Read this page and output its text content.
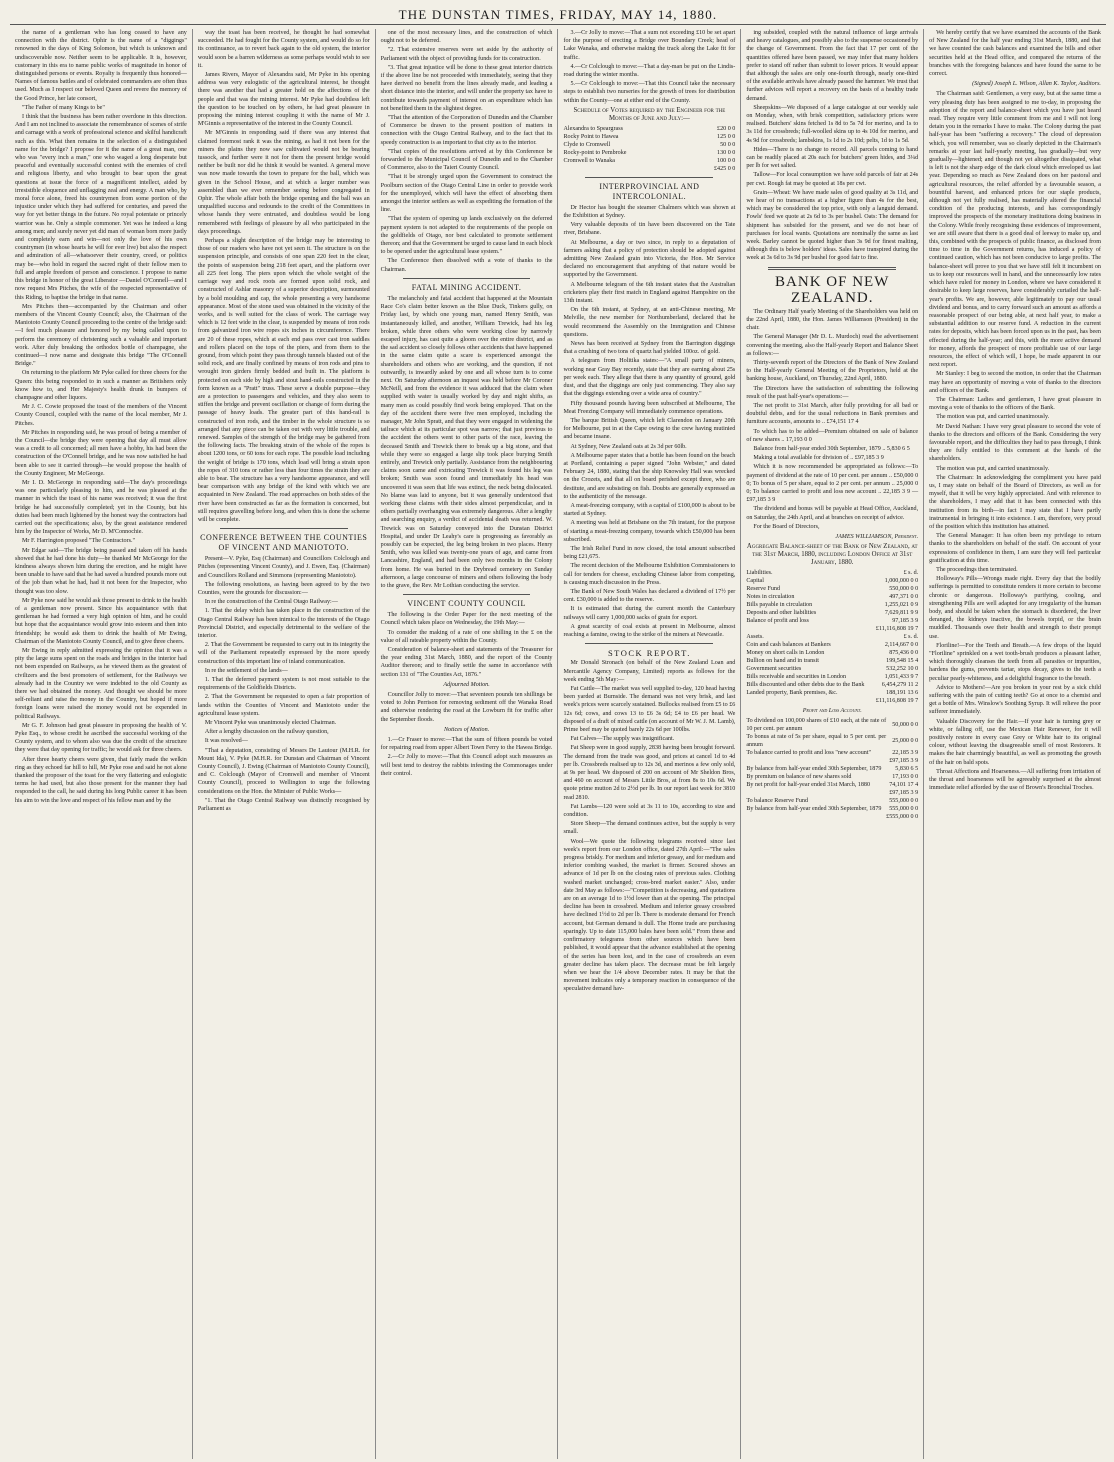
THE DUNSTAN TIMES, FRIDAY, MAY 14, 1880.

the name of a gentleman who has long ceased to have any connection with the district. Ophir is the name of a "diggings" renowned in the days of King Solomon, but which is unknown and undiscoverable now. Neither seem to be applicable. It is, however, customary in this era to name public works of magnitude in honor of distinguished persons or events. Royalty is frequently thus honored—Names of famous battles and of celebrated commanders are often thus used. Much as I respect our beloved Queen and revere the memory of the Good Prince, her late consort,

"The Father of many Kings to be"

I think that the business has been rather overdone in this direction. And I am not inclined to associate the remembrance of scenes of strife and carnage with a work of professional science and skilful handicraft such as this. What then remains in the selection of a distinguished name for the bridge? I propose for it the name of a great man, one who was "every inch a man," one who waged a long desperate but peaceful and eventually successful contest with the enemies of civil and religious liberty, and who brought to bear upon the great questions at issue the force of a magnificent intellect, aided by irresistible eloquence and unflagging zeal and energy. A man who, by moral force alone, freed his countrymen from some portion of the injustice under which they had suffered for centuries, and paved the way for yet better things in the future. No royal potentate or princely warrior was he. Only a simple commoner. Yet was he indeed a king among men; and surely never yet did man of woman born more justly and completely earn and win—not only the love of his own countrymen (in whose hearts he will for ever live) but also the respect and admiration of all—whatsoever their country, creed, or politics may be—who hold in regard the sacred right of their fellow men to full and ample freedom of person and conscience. I propose to name this bridge in honor of the great Liberator —Daniel O'Connell—and I now request Mrs Pitches, the wife of the respected representative of this Riding, to baptise the bridge in that name.

Mrs Pitches then—accompanied by the Chairman and other members of the Vincent County Council; also, the Chairman of the Maniototo County Council proceeding to the centre of the bridge said:—I feel much pleasure and honored by my being called upon to perform the ceremony of christening such a valuable and important work. After duly breaking the orthodox bottle of champagne, she continued—I now name and designate this bridge "The O'Connell Bridge."

On returning to the platform Mr Pyke called for three cheers for the Queen: this being responded to in such a manner as Britishers only know how to, and Her Majesty's health drunk in bumpers of champagne and other liquors.

Mr J. C. Cowie proposed the toast of the members of the Vincent County Council, coupled with the name of the local member, Mr J. Pitches.

Mr Pitches in responding said, he was proud of being a member of the Council—the bridge they were opening that day all must allow was a credit to all concerned; all men have a hobby, his had been the construction of the O'Connell bridge, and he was now satisfied he had been able to see it carried through—he would propose the health of the County Engineer, Mr McGeorge.

Mr I. D. McGeorge in responding said—The day's proceedings was one particularly pleasing to him, and he was pleased at the manner in which the toast of his name was received; it was the first bridge he had successfully completed; yet in the County, but his duties had been much lightened by the honest way the contractors had carried out the specifications; also, by the great assistance rendered him by the Inspector of Works, Mr D. M'Connochie.

Mr F. Harrington proposed "The Contractors."

Mr Edgar said—The bridge being passed and taken off his hands showed that he had done his duty—he thanked Mr McGeorge for the kindness always shown him during the erection, and he might have been unable to have said that he had saved a hundred pounds more out of the job than what he had, had it not been for the Inspector, who thought was too slow.

Mr Pyke now said he would ask those present to drink to the health of a gentleman now present. Since his acquaintance with that gentleman he had formed a very high opinion of him, and he could but hope that the acquaintance would grow into esteem and then into friendship; he would ask them to drink the health of Mr Ewing, Chairman of the Maniototo County Council, and to give three cheers.

Mr Ewing in reply admitted expressing the opinion that it was a pity the large sums spent on the roads and bridges in the interior had not been expended on Railways, as he viewed them as the greatest of civilizers and the best promoters of settlement, for the Railways we already had in the Country we were indebted to the old County as there we had obtained the money. And thought we should be more self-reliant and raise the money in the Country, but hoped if more foreign loans were raised the money would not be expended in political Railways.

Mr G. F. Johnson had great pleasure in proposing the health of V. Pyke Esq., to whose credit he ascribed the successful working of the County system, and to whom also was due the credit of the structure they were that day opening for traffic; he would ask for three cheers.

After three hearty cheers were given, that fairly made the welkin ring as they echoed far hill to hill, Mr Pyke rose and said he not alone thanked the proposer of the toast for the very flattering and eulogistic terms he had used, but also those present for the manner they had responded to the call, he said during his long Public career it has been his aim to win the love and respect of his fellow man and by the

way the toast has been received, he thought he had somewhat succeeded. He had fought for the County system, and would do so for its continuance, as to revert back again to the old system, the interior would soon be a barren wilderness as some perhaps would wish to see it.

James Rivers, Mayor of Alexandra said, Mr Pyke in his opening address was very eulogistic of the agricultural interest, he thought there was another that had a greater hold on the affections of the people and that was the mining interest. Mr Pyke had doubtless left the question to be touched on by others, he had great pleasure in proposing the mining interest coupling it with the name of Mr J. M'Ginnis a representative of the interest in the County Council.

Mr M'Ginnis in responding said if there was any interest that claimed foremost rank it was the mining, as had it not been for the miners the plains they now saw cultivated would not be bearing tussock, and further were it not for them the present bridge would neither be built nor did he think it would be wanted. A general move was now made towards the town to prepare for the ball, which was given in the School House, and at which a larger number was assembled than we ever remember seeing before congregated in Ophir. The whole affair both the bridge opening and the ball was an unqualified success and redounds to the credit of the Committees in whose hands they were entrusted, and doubtless would be long remembered with feelings of pleasure by all who participated in the days proceedings.

Perhaps a slight description of the bridge may be interesting to those of our readers who have not yet seen it. The structure is on the suspension principle, and consists of one span 220 feet in the clear, the points of suspension being 218 feet apart, and the platform over all 225 feet long. The piers upon which the whole weight of the carriage way and rock roots are formed upon solid rock, and constructed of Ashlar masonry of a superior description, surmounted by a bold moulding and cap, the whole presenting a very handsome appearance. Most of the stone used was obtained in the vicinity of the works, and is well suited for the class of work. The carriage way which is 12 feet wide in the clear, is suspended by means of iron rods from galvanized iron wire ropes six inches in circumference. There are 20 of these ropes, which at each end pass over cast iron saddles and rollers placed on the tops of the piers, and from them to the ground, from which point they pass through tunnels blasted out of the solid rock, and are finally confined by means of iron rods and pins to wrought iron girders firmly bedded and built in. The platform is protected on each side by high and stout hand-rails constructed in the form known as a "Pratt" truss. These serve a double purpose—they are a protection to passengers and vehicles, and they also seem to stiffen the bridge and prevent oscillation or change of form during the passage of heavy loads. The greater part of this hand-rail is constructed of iron rods, and the timber in the whole structure is so arranged that any piece can be taken out with very little trouble, and renewed. Samples of the strength of the bridge may be gathered from the following facts. The breaking strain of the whole of the ropes is about 1200 tons, or 60 tons for each rope. The possible load including the weight of bridge is 170 tons, which load will bring a strain upon the ropes of 310 tons or rather less than four times the strain they are able to bear. The structure has a very handsome appearance, and will bear comparison with any bridge of the kind with which we are acquainted in New Zealand. The road approaches on both sides of the river have been constructed as far as the formation is concerned, but still requires gravelling before long, and when this is done the scheme will be complete.

CONFERENCE BETWEEN THE COUNTIES OF VINCENT AND MANIOTOTO.

Present—V. Pyke, Esq (Chairman) and Councillors Colclough and Pitches (representing Vincent County), and J. Ewen, Esq. (Chairman) and Councillors Rolland and Simmons (representing Maniototo).

The following resolutions, as having been agreed to by the two Counties, were the grounds for discussion:—

In re the construction of the Central Otago Railway:—

1. That the delay which has taken place in the construction of the Otago Central Railway has been inimical to the interests of the Otago Provincial District, and especially detrimental to the welfare of the interior.

2. That the Government be requested to carry out in its integrity the will of the Parliament repeatedly expressed by the more speedy construction of this important line of inland communication.

In re the settlement of the lands—

1. That the deferred payment system is not most suitable to the requirements of the Goldfields Districts.

2. That the Government be requested to open a fair proportion of lands within the Counties of Vincent and Maniototo under the agricultural lease system.

Mr Vincent Pyke was unanimously elected Chairman.

After a lengthy discussion on the railway question,

It was resolved—

"That a deputation, consisting of Messrs De Lautour (M.H.R. for Mount Ida), V. Pyke (M.H.R. for Dunstan and Chairman of Vincent County Council), J. Ewing (Chairman of Maniototo County Council), and C. Colclough (Mayor of Cromwell and member of Vincent County Council), proceed to Wellington to urge the following considerations on the Hon. the Minister of Public Works—

"1. That the Otago Central Railway was distinctly recognised by Parliament as

one of the most necessary lines, and the construction of which ought not to be deferred.

"2. That extensive reserves were set aside by the authority of Parliament with the object of providing funds for its construction.

"3. That great injustice will be done to these great interior districts if the above line be not proceeded with immediately, seeing that they have derived no benefit from the lines already made, and leading a short distance into the interior, and will under the property tax have to contribute towards payment of interest on an expenditure which has not benefited them in the slightest degree.

"That the attention of the Corporation of Dunedin and the Chamber of Commerce be drawn to the present position of matters in connection with the Otago Central Railway, and to the fact that its speedy construction is as important to that city as to the interior.

"That copies of the resolutions arrived at by this Conference be forwarded to the Municipal Council of Dunedin and to the Chamber of Commerce, also to the Taieri County Council.

"That it be strongly urged upon the Government to construct the Poolburn section of the Otago Central Line in order to provide work for the unemployed, which will have the effect of absorbing them amongst the interior settlers as well as expediting the formation of the line.

"That the system of opening up lands exclusively on the deferred payment system is not adapted to the requirements of the people on the goldfields of Otago, nor best calculated to promote settlement thereon; and that the Government be urged to cause land in each block to be opened under the agricultural lease system."

The Conference then dissolved with a vote of thanks to the Chairman.

FATAL MINING ACCIDENT.

The melancholy and fatal accident that happened at the Mountain Race Co's claim better known as the Blue Duck, Tinkers gully, on Friday last, by which one young man, named Henry Smith, was instantaneously killed, and another, William Trewick, had his leg broken, while three others who were working close by narrowly escaped injury, has cast quite a gloom over the entire district, and as the sad accident so closely follows other accidents that have happened in the same claim quite a scare is experienced amongst the shareholders and others who are working, and the question, if not outwardly, is inwardly asked by one and all whose turn is to come next. On Saturday afternoon an inquest was held before Mr Coroner McNeill, and from the evidence it was adduced that the claim when supplied with water is usually worked by day and night shifts, as many men as could possibly find work being employed. That on the day of the accident there were five men employed, including the manager, Mr John Spratt, and that they were engaged in widening the tailrace which at its particular spot was narrow; that just previous to the accident the others went to other parts of the race, leaving the deceased Smith and Trewick there to break up a big stone, and that while they were so engaged a large slip took place burying Smith entirely, and Trewick only partially. Assistance from the neighbouring claims soon came and extricating Trewick it was found his leg was broken; Smith was soon found and immediately his head was uncovered it was seen that life was extinct, the neck being dislocated. No blame was laid to anyone, but it was generally understood that working these claims with their sides almost perpendicular, and in others partially overhanging was extremely dangerous. After a lengthy and searching enquiry, a verdict of accidental death was returned. W. Trewick was on Saturday conveyed into the Dunstan District Hospital, and under Dr Leahy's care is progressing as favorably as possibly can be expected, the leg being broken in two places. Henry Smith, who was killed was twenty-one years of age, and came from Lancashire, England, and had been only two months in the Colony from home. He was buried in the Drybread cemetery on Sunday afternoon, a large concourse of miners and others following the body to the grave, the Rev. Mr Lothian conducting the service.

VINCENT COUNTY COUNCIL

The following is the Order Paper for the next meeting of the Council which takes place on Wednesday, the 19th May:—

To consider the making of a rate of one shilling in the £ on the value of all rateable property within the County.

Consideration of balance-sheet and statements of the Treasurer for the year ending 31st March, 1880, and the report of the County Auditor thereon; and to finally settle the same in accordance with section 131 of "The Counties Act, 1876."

Adjourned Motion.

Councillor Jolly to move:—That seventeen pounds ten shillings be voted to John Perrison for removing sediment off the Wanaka Road and otherwise rendering the road at the Lowburn fit for traffic after the September floods.

Notices of Motion.

1.—Cr Fraser to move:—That the sum of fifteen pounds be voted for repairing road from upper Albert Town Ferry to the Hawea Bridge.

2.—Cr Jolly to move:—That this Council adopt such measures as will best tend to destroy the rabbits infesting the Commonages under their control.

3.—Cr Jolly to move:—That a sum not exceeding £10 be set apart for the purpose of erecting a Bridge over Boundary Creek; head of Lake Wanaka, and otherwise making the track along the Lake fit for traffic.

4.—Cr Colclough to move:—That a day-man be put on the Lindis-road during the winter months.

5.—Cr Colclough to move:—That this Council take the necessary steps to establish two nurseries for the growth of trees for distribution within the County—one at either end of the County.

Schedule of Votes required by the Engineer for the Months of June and July:—
Alexandra to Speargrass	£20 0 0
Rocky Point to Hawea	125 0 0
Clyde to Cromwell	50 0 0
Rocky-point to Pembroke	130 0 0
Cromwell to Wanaka	100 0 0
	£425 0 0
INTERPROVINCIAL AND INTERCOLONIAL.

Dr Hector has bought the steamer Chalmers which was shown at the Exhibition at Sydney.

Very valuable deposits of tin have been discovered on the Tate river, Brisbane.

At Melbourne, a day or two since, in reply to a deputation of farmers asking that a policy of protection should be adopted against admitting New Zealand grain into Victoria, the Hon. Mr Service declared no encouragement that anything of that nature would be supported by the Government.

A Melbourne telegram of the 6th instant states that the Australian cricketers play their first match in England against Hampshire on the 13th instant.

On the 6th instant, at Sydney, at an anti-Chinese meeting, Mr Melville, the new member for Northumberland, declared that he would recommend the Assembly on the Immigration and Chinese questions.

News has been received at Sydney from the Barrington diggings that a crushing of two tons of quartz had yielded 100oz. of gold.

A telegram from Holitika states:—"A small party of miners, working near Gray Bay recently, state that they are earning about 25s per week each. They allege that there is any quantity of ground, gold dust, and that the diggings are only just commencing. They also say that the diggings extending over a wide area of country."

Fifty thousand pounds having been subscribed at Melbourne, The Meat Freezing Company will immediately commence operations.

The barque British Queen, which left Clarendon on January 20th for Melbourne, put in at the Cape owing to the crew having mutinied and became insane.

At Sydney, New Zealand oats at 2s 3d per 60lb.

A Melbourne paper states that a bottle has been found on the beach at Portland, containing a paper signed "John Webster," and dated February 24, 1880, stating that the ship Knowsley Hall was wrecked on the Crozets, and that all on board perished except three, who are destitute, and are subsisting on fish. Doubts are generally expressed as to the authenticity of the message.

A meat-freezing company, with a capital of £100,000 is about to be started at Sydney.

A meeting was held at Brisbane on the 7th instant, for the purpose of starting a meat-freezing company, towards which £50,000 has been subscribed.

The Irish Relief Fund in now closed, the total amount subscribed being £21,675.

The recent decision of the Melbourne Exhibition Commissioners to call for tenders for cheese, excluding Chinese labor from competing, is causing much discussion in the Press.

The Bank of New South Wales has declared a dividend of 17½ per cent. £30,000 is added to the reserve.

It is estimated that during the current month the Canterbury railways will carry 1,000,000 sacks of grain for export.

A great scarcity of coal exists at present in Melbourne, almost reaching a famine, owing to the strike of the miners at Newcastle.

STOCK REPORT.

Mr Donald Stronach (on behalf of the New Zealand Loan and Mercantile Agency Company, Limited) reports as follows for the week ending 5th May:—

Fat Cattle—The market was well supplied to-day, 120 head having been yarded at Burnside. The demand was not very brisk, and last week's prices were scarcely sustained. Bullocks realised from £5 to £6 12s 6d; cows, and cows 13 to £6 3s 6d; £4 to £6 per head. We disposed of a draft of mixed cattle (on account of Mr W. J. M. Lamb), Prime beef may be quoted barely 22s 6d per 100lbs.

Fat Calves—The supply was insignificant.

Fat Sheep were in good supply, 2838 having been brought forward. The demand from the trade was good, and prices at cancel 1d to 4d per lb. Crossbreds realised up to 12s 3d, and merinos a few only sold, at 9s per head. We disposed of 200 on account of Mr Sheldon Bros, and 460 on account of Messrs Little Bros, at from 8s to 10s 6d. We quote prime mutton 2d to 2½d per lb. In our report last week for 3810 read 2810.

Fat Lambs—120 were sold at 3s 11 to 10s, according to size and condition.

Store Sheep—The demand continues active, but the supply is very small.

Wool—We quote the following telegrams received since last week's report from our London office, dated 27th April:—"The sales progress briskly. For medium and inferior greasy, and for medium and inferior combing washed, the market is firmer. Scoured shows an advance of 1d per lb on the closing rates of previous sales. Clothing washed market unchanged; cross-bred market easier." Also, under date 3rd May as follows:—"Competition is decreasing, and quotations are on an average 1d to 1½d lower than at the opening. The principal decline has been in crossbred. Medium and inferior greasy crossbred have declined 1½d to 2d per lb. There is moderate demand for French account, but German demand is dull. The Home trade are purchasing sparingly. Up to date 115,000 bales have been sold." From these and confirmatory telegrams from other sources which have been published, it would appear that the advance established at the opening of the series has been lost, and in the case of crossbreds an even greater decline has taken place. The decrease must be felt largely when we hear the 1/4 above December rates. It may be that the movement indicates only a temporary reaction in consequence of the speculative demand hav-

ing subsided, coupled with the natural influence of large arrivals and heavy catalogues, and possibly also to the suspense occasioned by the change of Government. From the fact that 17 per cent of the quantities offered have been passed, we may infer that many holders prefer to stand off rather than submit to lower prices. It would appear that although the sales are only one-fourth through, nearly one-third of the available arrivals have already passed the hammer. We trust that further advices will report a recovery on the basis of a healthy trade demand.

Sheepskins—We disposed of a large catalogue at our weekly sale on Monday, when, with brisk competition, satisfactory prices were realised. Butchers' skins fetched 1s 8d to 5s 7d for merino, and 1s to 3s 11d for crossbreds; full-woolled skins up to 4s 10d for merino, and 4s 9d for crossbreds; lambskins, 1s 1d to 2s 10d; pelts, 1d to 1s 5d.

Hides—There is no change to record. All parcels coming to hand can be readily placed at 20s each for butchers' green hides, and 3¼d per lb for wet salted.

Tallow—For local consumption we have sold parcels of fair at 24s per cwt. Rough fat may be quoted at 18s per cwt.

Grain—Wheat: We have made sales of good quality at 3s 11d, and we hear of no transactions at a higher figure than 4s for the best, which may be considered the top price, with only a languid demand. Fowls' feed we quote at 2s 6d to 3s per bushel. Oats: The demand for shipment has subsided for the present, and we do not hear of purchases for local wants. Quotations are nominally the same as last week. Barley cannot be quoted higher than 3s 9d for finest malting, although this is below holders' ideas. Sales have transpired during the week at 3s 6d to 3s 9d per bushel for good fair to fine.

BANK OF NEW ZEALAND.

The Ordinary Half yearly Meeting of the Shareholders was held on the 22nd April, 1880, the Hon. James Williamson (President) in the chair.

The General Manager (Mr D. L. Murdoch) read the advertisement convening the meeting, also the Half-yearly Report and Balance Sheet as follows:—

Thirty-seventh report of the Directors of the Bank of New Zealand to the Half-yearly General Meeting of the Proprietors, held at the banking house, Auckland, on Thursday, 22nd April, 1880.

The Directors have the satisfaction of submitting the following result of the past half-year's operations:—

The net profit to 31st March, after fully providing for all bad or doubtful debts, and for the usual reductions in Bank premises and furniture accounts, amounts to .. £74,151 17 4

To which has to be added—Premium obtained on sale of balance of new shares .. 17,193 0 0

Balance from half-year ended 30th September, 1879 .. 5,830 6 5

Making a total available for division of .. £97,185 3 9

Which it is now recommended be appropriated as follows:—To payment of dividend at the rate of 10 per cent. per annum .. £50,000 0 0; To bonus of 5 per share, equal to 2 per cent. per annum .. 25,000 0 0; To balance carried to profit and loss new account .. 22,185 3 9 — £97,185 3 9

The dividend and bonus will be payable at Head Office, Auckland, on Saturday, the 24th April, and at branches on receipt of advice.

For the Board of Directors,

JAMES WILLIAMSON, President.
Aggregate Balance-sheet of the Bank of New Zealand, at the 31st March, 1880, including London Office at 31st January, 1880.
Liabilities.	£ s. d.
Capital	1,000,000 0 0
Reserve Fund	550,000 0 0
Notes in circulation	497,371 0 0
Bills payable in circulation	1,255,021 0 9
Deposits and other liabilities	7,629,811 9 9
Balance of profit and loss	97,185 3 9
	£11,116,808 19 7
Assets.	£ s. d.
Coin and cash balances at Bankers	2,114,667 0 0
Money on short calls in London	875,436 0 0
Bullion on hand and in transit	199,548 15 4
Government securities	532,252 10 0
Bills receivable and securities in London	1,051,433 9 7
Bills discounted and other debts due to the Bank	6,454,279 11 2
Landed property, Bank premises, &c.	188,191 13 6
	£11,116,808 19 7
Profit and Loss Account.
To dividend on 100,000 shares of £10 each, at the rate of 10 per cent. per annum	50,000 0 0
To bonus at rate of 5s per share, equal to 5 per cent. per annum	25,000 0 0
To balance carried to profit and loss "new account"	22,185 3 9
	£97,185 3 9
By balance from half-year ended 30th September, 1879	5,830 6 5
By premium on balance of new shares sold	17,193 0 0
By net profit for half-year ended 31st March, 1880	74,101 17 4
	£97,185 3 9
To balance Reserve Fund	555,000 0 0
By balance from half-year ended 30th September, 1879	555,000 0 0
	£555,000 0 0

We hereby certify that we have examined the accounts of the Bank of New Zealand for the half year ending 31st March, 1880, and that we have counted the cash balances and examined the bills and other securities held at the Head office, and compared the returns of the branches with the foregoing balances and have found the same to be correct.

(Signed) Joseph L. Wilson, Allan K. Taylor, Auditors.

The Chairman said: Gentlemen, a very easy, but at the same time a very pleasing duty has been assigned to me to-day, in proposing the adoption of the report and balance-sheet which you have just heard read. They require very little comment from me and I will not long detain you in the remarks I have to make. The Colony during the past half-year has been "suffering a recovery." The cloud of depression which, you will remember, was so clearly depicted in the Chairman's remarks at your last half-yearly meeting, has gradually—but very gradually—lightened; and though not yet altogether dissipated, what is left is not the sharp edge of the dark cloud which enveloped us last year. Depending so much as New Zealand does on her pastoral and agricultural resources, the relief afforded by a favourable season, a bountiful harvest, and enhanced prices for our staple products, although not yet fully realised, has materially altered the financial condition of the producing interests, and has correspondingly improved the prospects of the monetary institutions doing business in the Colony. While freely recognising these evidences of improvement, we are still aware that there is a good deal of leeway to make up, and this, combined with the prospects of public finance, as disclosed from time to time in the Government returns, has induced a policy of continued caution, which has not been conducive to large profits. The balance-sheet will prove to you that we have still felt it incumbent on us to keep our resources well in hand, and the unnecessarily low rates which have ruled for money in London, where we have considered it desirable to keep large reserves, have considerably curtailed the half-year's profits. We are, however, able legitimately to pay our usual dividend and bonus, and to carry forward such an amount as affords a reasonable prospect of our being able, at next half year, to make a substantial addition to our reserve fund. A reduction in the current rates for deposits, which has been forced upon us in the past, has been effected during the half-year; and this, with the more active demand for money, affords the prospect of more profitable use of our large resources, the effect of which will, I hope, be made apparent in our next report.

Mr Stanley: I beg to second the motion, in order that the Chairman may have an opportunity of moving a vote of thanks to the directors and officers of the Bank.

The Chairman: Ladies and gentlemen, I have great pleasure in moving a vote of thanks to the officers of the Bank.

The motion was put, and carried unanimously.

Mr David Nathan: I have very great pleasure to second the vote of thanks to the directors and officers of the Bank. Considering the very favourable report, and the difficulties they had to pass through, I think they are fully entitled to this comment at the hands of the shareholders.

The motion was put, and carried unanimously.

The Chairman: In acknowledging the compliment you have paid us, I may state on behalf of the Board of Directors, as well as for myself, that it will be very highly appreciated. And with reference to the shareholders, I may add that it has been connected with this institution from its birth—in fact I may state that I have partly instrumental in bringing it into existence. I am, therefore, very proud of the position which this institution has attained.

The General Manager: It has often been my privilege to return thanks to the shareholders on behalf of the staff. On account of your expressions of confidence in them, I am sure they will feel particular gratification at this time.

The proceedings then terminated.

Holloway's Pills—Wrongs made right. Every day that the bodily sufferings is permitted to constitute renders it more certain to become chronic or dangerous. Holloway's purifying, cooling, and strengthening Pills are well adapted for any irregularity of the human body, and should be taken when the stomach is disordered, the liver deranged, the kidneys inactive, the bowels torpid, or the brain muddled. Thousands owe their health and strength to their prompt use.

Floriline!—For the Teeth and Breath.—A few drops of the liquid "Floriline" sprinkled on a wet tooth-brush produces a pleasant lather, which thoroughly cleanses the teeth from all parasites or impurities, hardens the gums, prevents tartar, stops decay, gives to the teeth a peculiar pearly-whiteness, and a delightful fragrance to the breath.

Advice to Mothers!—Are you broken in your rest by a sick child suffering with the pain of cutting teeth? Go at once to a chemist and get a bottle of Mrs. Winslow's Soothing Syrup. It will relieve the poor sufferer immediately.

Valuable Discovery for the Hair.—If your hair is turning grey or white, or falling off, use the Mexican Hair Renewer, for it will positively restore in every case Grey or White hair to its original colour, without leaving the disagreeable smell of most Restorers. It makes the hair charmingly beautiful, as well as promoting the growth of the hair on bald spots.

Throat Affections and Hoarseness.—All suffering from irritation of the throat and hoarseness will be agreeably surprised at the almost immediate relief afforded by the use of Brown's Bronchial Troches.
